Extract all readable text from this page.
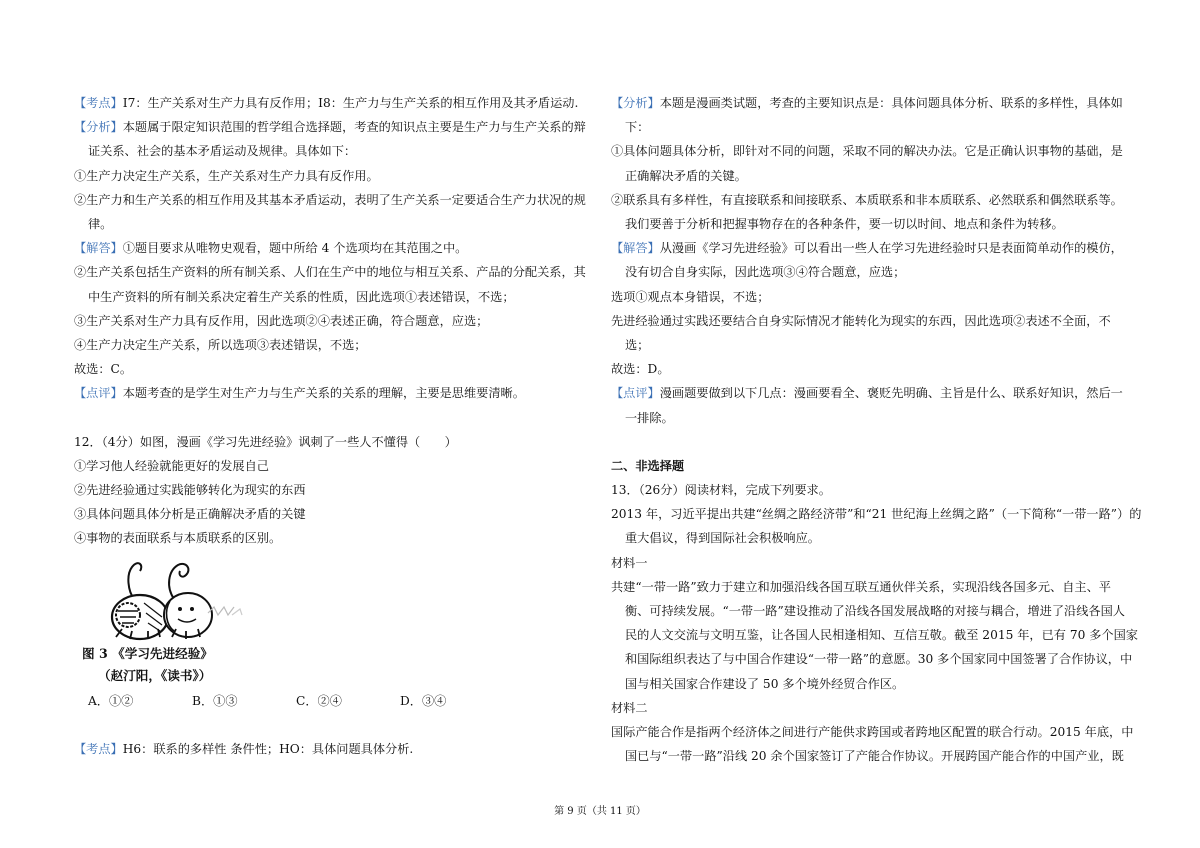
【考点】I7：生产关系对生产力具有反作用；I8：生产力与生产关系的相互作用及其矛盾运动.
【分析】本题属于限定知识范围的哲学组合选择题，考查的知识点主要是生产力与生产关系的辩
证关系、社会的基本矛盾运动及规律。具体如下：
①生产力决定生产关系，生产关系对生产力具有反作用。
②生产力和生产关系的相互作用及其基本矛盾运动，表明了生产关系一定要适合生产力状况的规
律。
【解答】①题目要求从唯物史观看，题中所给 4 个选项均在其范围之中。
②生产关系包括生产资料的所有制关系、人们在生产中的地位与相互关系、产品的分配关系，其
中生产资料的所有制关系决定着生产关系的性质，因此选项①表述错误，不选；
③生产关系对生产力具有反作用，因此选项②④表述正确，符合题意，应选；
④生产力决定生产关系，所以选项③表述错误，不选；
故选：C。
【点评】本题考查的是学生对生产力与生产关系的关系的理解，主要是思维要清晰。
12．（4分）如图，漫画《学习先进经验》讽刺了一些人不懂得（　　）
①学习他人经验就能更好的发展自己
②先进经验通过实践能够转化为现实的东西
③具体问题具体分析是正确解决矛盾的关键
④事物的表面联系与本质联系的区别。
图 3 《学习先进经验》
（赵汀阳，《读书》）
A．①②	B．①③	C．②④	D．③④
【考点】H6：联系的多样性 条件性；HO：具体问题具体分析.
【分析】本题是漫画类试题，考查的主要知识点是：具体问题具体分析、联系的多样性，具体如
下：
①具体问题具体分析，即针对不同的问题，采取不同的解决办法。它是正确认识事物的基础，是
正确解决矛盾的关键。
②联系具有多样性，有直接联系和间接联系、本质联系和非本质联系、必然联系和偶然联系等。
我们要善于分析和把握事物存在的各种条件，要一切以时间、地点和条件为转移。
【解答】从漫画《学习先进经验》可以看出一些人在学习先进经验时只是表面简单动作的模仿，
没有切合自身实际，因此选项③④符合题意，应选；
选项①观点本身错误，不选；
先进经验通过实践还要结合自身实际情况才能转化为现实的东西，因此选项②表述不全面，不
选；
故选：D。
【点评】漫画题要做到以下几点：漫画要看全、褒贬先明确、主旨是什么、联系好知识，然后一
一排除。
二、非选择题
13．（26分）阅读材料，完成下列要求。
2013 年，习近平提出共建“丝绸之路经济带”和“21 世纪海上丝绸之路”（一下简称“一带一路”）的
重大倡议，得到国际社会积极响应。
材料一
共建“一带一路”致力于建立和加强沿线各国互联互通伙伴关系，实现沿线各国多元、自主、平
衡、可持续发展。“一带一路”建设推动了沿线各国发展战略的对接与耦合，增进了沿线各国人
民的人文交流与文明互鉴，让各国人民相逢相知、互信互敬。截至 2015 年，已有 70 多个国家
和国际组织表达了与中国合作建设“一带一路”的意愿。30 多个国家同中国签署了合作协议，中
国与相关国家合作建设了 50 多个境外经贸合作区。
材料二
国际产能合作是指两个经济体之间进行产能供求跨国或者跨地区配置的联合行动。2015 年底，中
国已与“一带一路”沿线 20 余个国家签订了产能合作协议。开展跨国产能合作的中国产业，既
第 9 页（共 11 页）
